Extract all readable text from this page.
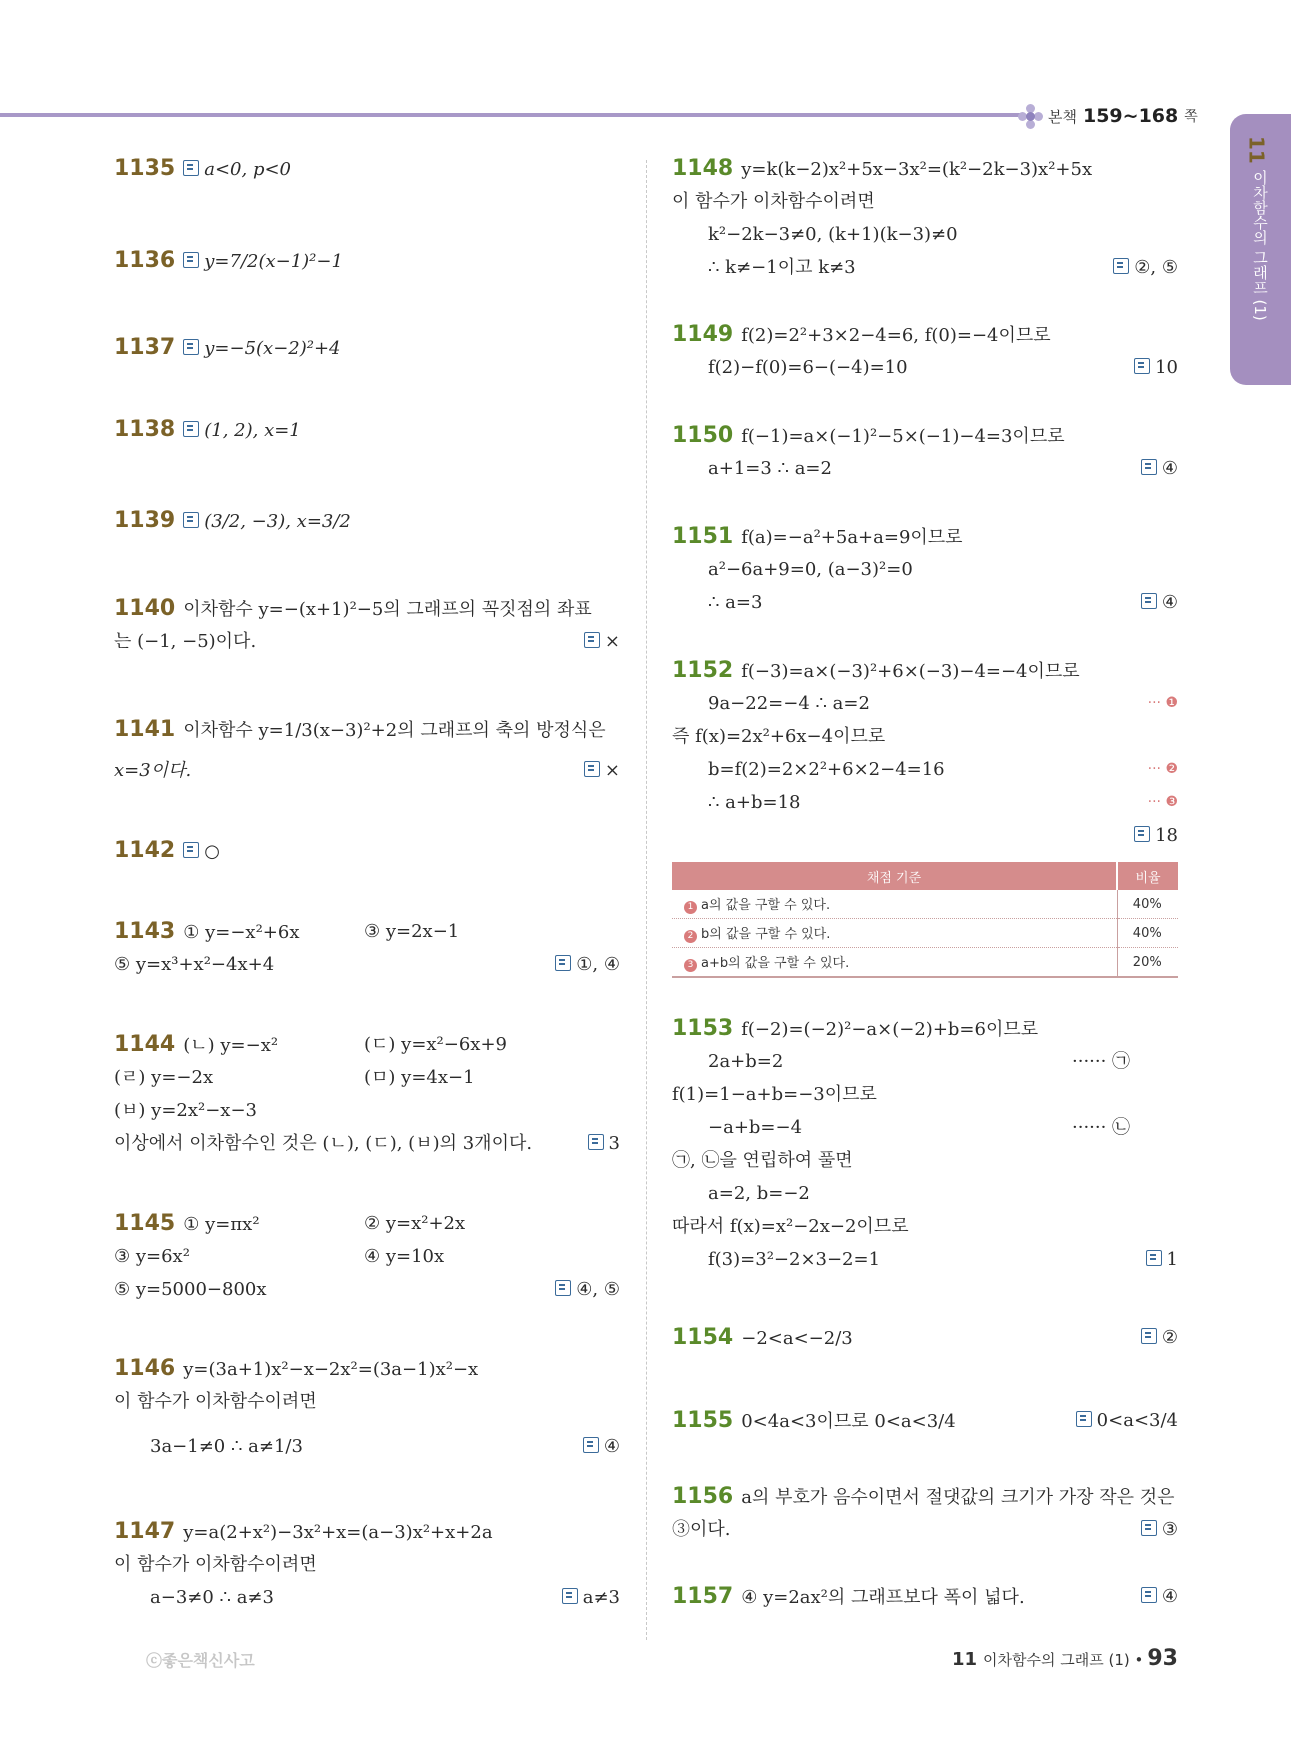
본책 159~168 쪽
11
이차함수의 그래프 (1)
1135 a<0, p<0
1136 y=7/2(x−1)²−1
1137 y=−5(x−2)²+4
1138 (1, 2), x=1
1139 (3/2, −3), x=3/2
1140 이차함수 y=−(x+1)²−5의 그래프의 꼭짓점의 좌표
는 (−1, −5)이다.	×
1141 이차함수 y=1/3(x−3)²+2의 그래프의 축의 방정식은
x=3이다.	×
1142 ○
1143 ① y=−x²+6x	③ y=2x−1
⑤ y=x³+x²−4x+4	①, ④
1144 (ㄴ) y=−x²	(ㄷ) y=x²−6x+9
(ㄹ) y=−2x	(ㅁ) y=4x−1
(ㅂ) y=2x²−x−3
이상에서 이차함수인 것은 (ㄴ), (ㄷ), (ㅂ)의 3개이다.	3
1145 ① y=πx²	② y=x²+2x
③ y=6x²	④ y=10x
⑤ y=5000−800x	④, ⑤
1146 y=(3a+1)x²−x−2x²=(3a−1)x²−x
이 함수가 이차함수이려면
3a−1≠0 ∴ a≠1/3	④
1147 y=a(2+x²)−3x²+x=(a−3)x²+x+2a
이 함수가 이차함수이려면
a−3≠0 ∴ a≠3	a≠3
1148 y=k(k−2)x²+5x−3x²=(k²−2k−3)x²+5x
이 함수가 이차함수이려면
k²−2k−3≠0, (k+1)(k−3)≠0
∴ k≠−1이고 k≠3	②, ⑤
1149 f(2)=2²+3×2−4=6, f(0)=−4이므로
f(2)−f(0)=6−(−4)=10	10
1150 f(−1)=a×(−1)²−5×(−1)−4=3이므로
a+1=3 ∴ a=2	④
1151 f(a)=−a²+5a+a=9이므로
a²−6a+9=0, (a−3)²=0
∴ a=3	④
1152 f(−3)=a×(−3)²+6×(−3)−4=−4이므로
9a−22=−4 ∴ a=2	··· ❶
즉 f(x)=2x²+6x−4이므로
b=f(2)=2×2²+6×2−4=16	··· ❷
∴ a+b=18	··· ❸
18
채점 기준	비율
1 a의 값을 구할 수 있다.	40%
2 b의 값을 구할 수 있다.	40%
3 a+b의 값을 구할 수 있다.	20%
1153 f(−2)=(−2)²−a×(−2)+b=6이므로
2a+b=2	······ ㉠
f(1)=1−a+b=−3이므로
−a+b=−4	······ ㉡
㉠, ㉡을 연립하여 풀면
a=2, b=−2
따라서 f(x)=x²−2x−2이므로
f(3)=3²−2×3−2=1	1
1154 −2<a<−2/3	②
1155 0<4a<3이므로 0<a<3/4	0<a<3/4
1156 a의 부호가 음수이면서 절댓값의 크기가 가장 작은 것은
③이다.	③
1157 ④ y=2ax²의 그래프보다 폭이 넓다.	④
ⓒ좋은책신사고	11 이차함수의 그래프 (1) • 93
